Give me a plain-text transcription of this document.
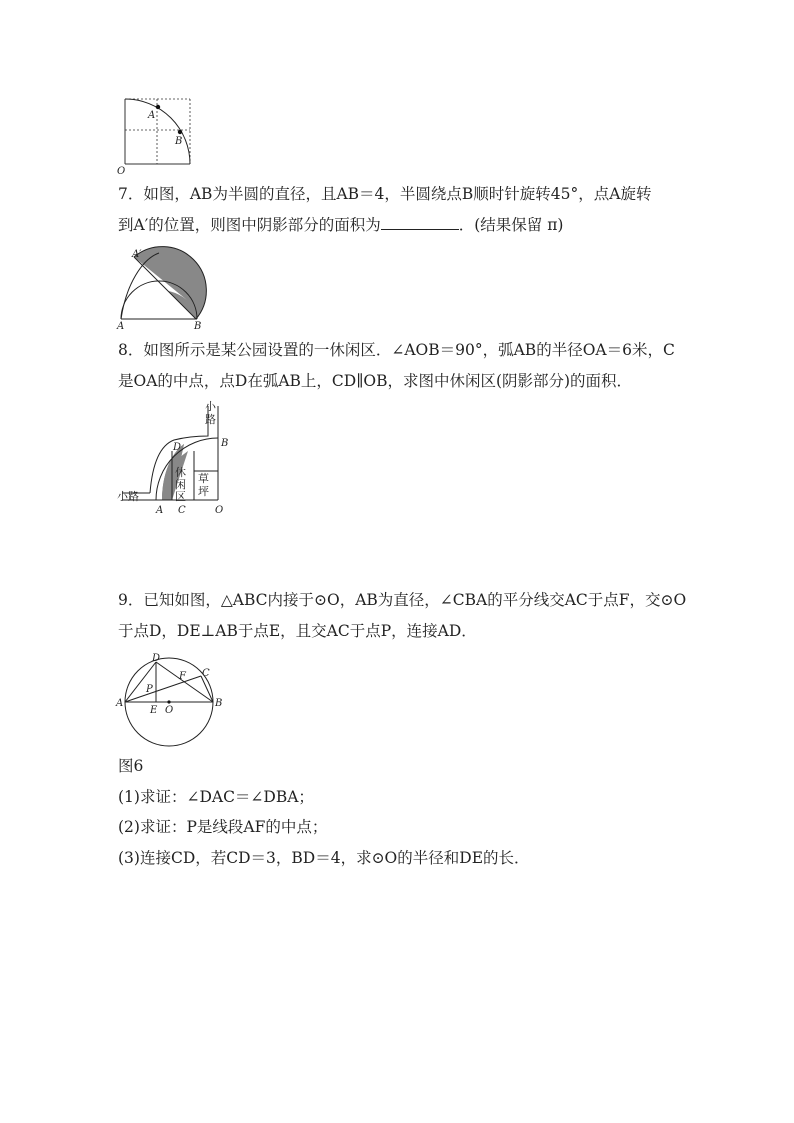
A
B
O
7．如图，AB为半圆的直径，且AB＝4，半圆绕点B顺时针旋转45°，点A旋转
到A′的位置，则图中阴影部分的面积为	．(结果保留 π)
A′
A	B
8．如图所示是某公园设置的一休闲区．∠AOB＝90°，弧AB的半径OA＝6米，C
是OA的中点，点D在弧AB上，CD∥OB，求图中休闲区(阴影部分)的面积．
小
路
小路
休
闲
区
草
坪
A C	O
B
D
9．已知如图，△ABC内接于⊙O，AB为直径，∠CBA的平分线交AC于点F，交⊙O
于点D，DE⊥AB于点E，且交AC于点P，连接AD．
A	B
C
D
E O
P
F
图6
(1)求证：∠DAC＝∠DBA；
(2)求证：P是线段AF的中点；
(3)连接CD，若CD＝3，BD＝4，求⊙O的半径和DE的长．
